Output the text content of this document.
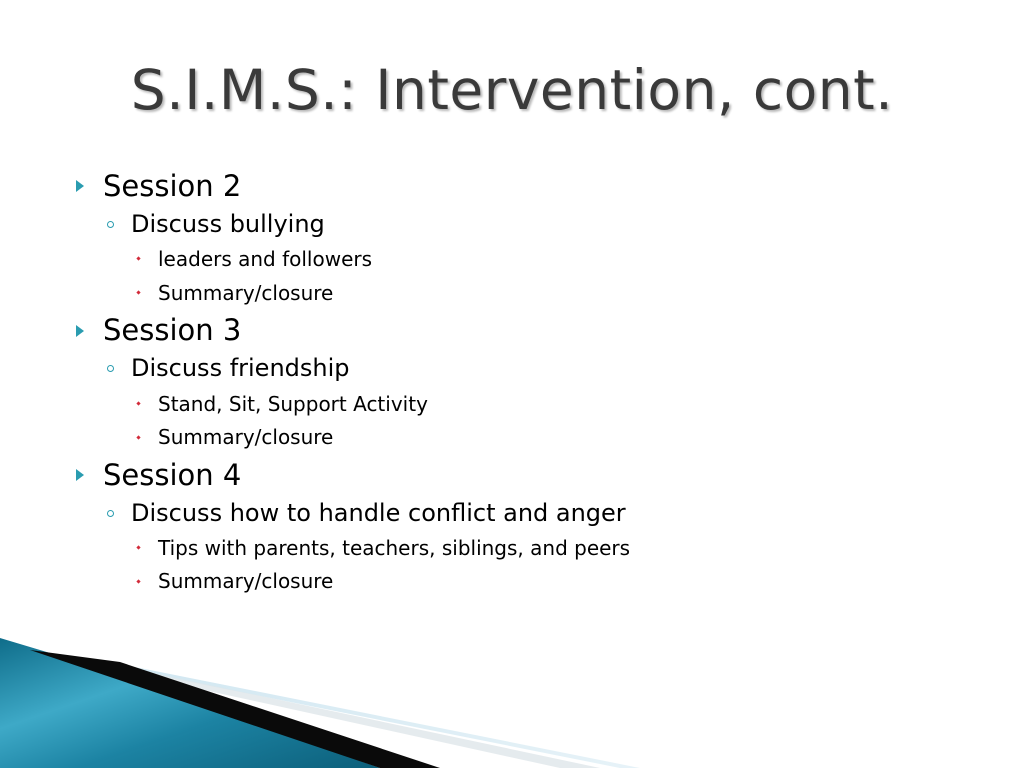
S.I.M.S.: Intervention, cont.
Session 2
Discuss bullying
leaders and followers
Summary/closure
Session 3
Discuss friendship
Stand, Sit, Support Activity
Summary/closure
Session 4
Discuss how to handle conflict and anger
Tips with parents, teachers, siblings, and peers
Summary/closure
